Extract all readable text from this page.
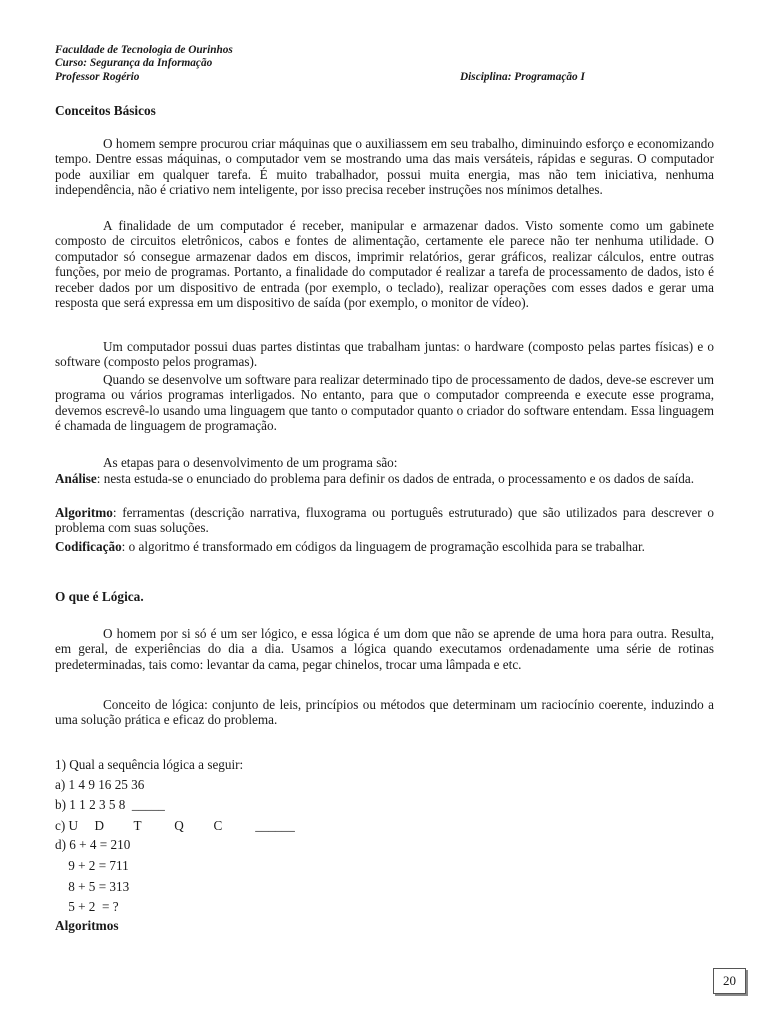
Faculdade de Tecnologia de Ourinhos
Curso: Segurança da Informação
Professor Rogério	Disciplina: Programação I
Conceitos Básicos

O homem sempre procurou criar máquinas que o auxiliassem em seu trabalho, diminuindo esforço e economizando tempo. Dentre essas máquinas, o computador vem se mostrando uma das mais versáteis, rápidas e seguras. O computador pode auxiliar em qualquer tarefa. É muito trabalhador, possui muita energia, mas não tem iniciativa, nenhuma independência, não é criativo nem inteligente, por isso precisa receber instruções nos mínimos detalhes.

A finalidade de um computador é receber, manipular e armazenar dados. Visto somente como um gabinete composto de circuitos eletrônicos, cabos e fontes de alimentação, certamente ele parece não ter nenhuma utilidade. O computador só consegue armazenar dados em discos, imprimir relatórios, gerar gráficos, realizar cálculos, entre outras funções, por meio de programas. Portanto, a finalidade do computador é realizar a tarefa de processamento de dados, isto é receber dados por um dispositivo de entrada (por exemplo, o teclado), realizar operações com esses dados e gerar uma resposta que será expressa em um dispositivo de saída (por exemplo, o monitor de vídeo).

Um computador possui duas partes distintas que trabalham juntas: o hardware (composto pelas partes físicas) e o software (composto pelos programas).

Quando se desenvolve um software para realizar determinado tipo de processamento de dados, deve-se escrever um programa ou vários programas interligados. No entanto, para que o computador compreenda e execute esse programa, devemos escrevê-lo usando uma linguagem que tanto o computador quanto o criador do software entendam. Essa linguagem é chamada de linguagem de programação.

As etapas para o desenvolvimento de um programa são:

Análise: nesta estuda-se o enunciado do problema para definir os dados de entrada, o processamento e os dados de saída.

Algoritmo: ferramentas (descrição narrativa, fluxograma ou português estruturado) que são utilizados para descrever o problema com suas soluções.

Codificação: o algoritmo é transformado em códigos da linguagem de programação escolhida para se trabalhar.

O que é Lógica.

O homem por si só é um ser lógico, e essa lógica é um dom que não se aprende de uma hora para outra. Resulta, em geral, de experiências do dia a dia. Usamos a lógica quando executamos ordenadamente uma série de rotinas predeterminadas, tais como: levantar da cama, pegar chinelos, trocar uma lâmpada e etc.

Conceito de lógica: conjunto de leis, princípios ou métodos que determinam um raciocínio coerente, induzindo a uma solução prática e eficaz do problema.

1) Qual a sequência lógica a seguir:
a) 1 4 9 16 25 36
b) 1 1 2 3 5 8  _____
c) U     D         T          Q         C          ______
d) 6 + 4 = 210
9 + 2 = 711
8 + 5 = 313
5 + 2  = ?
Algoritmos
20
